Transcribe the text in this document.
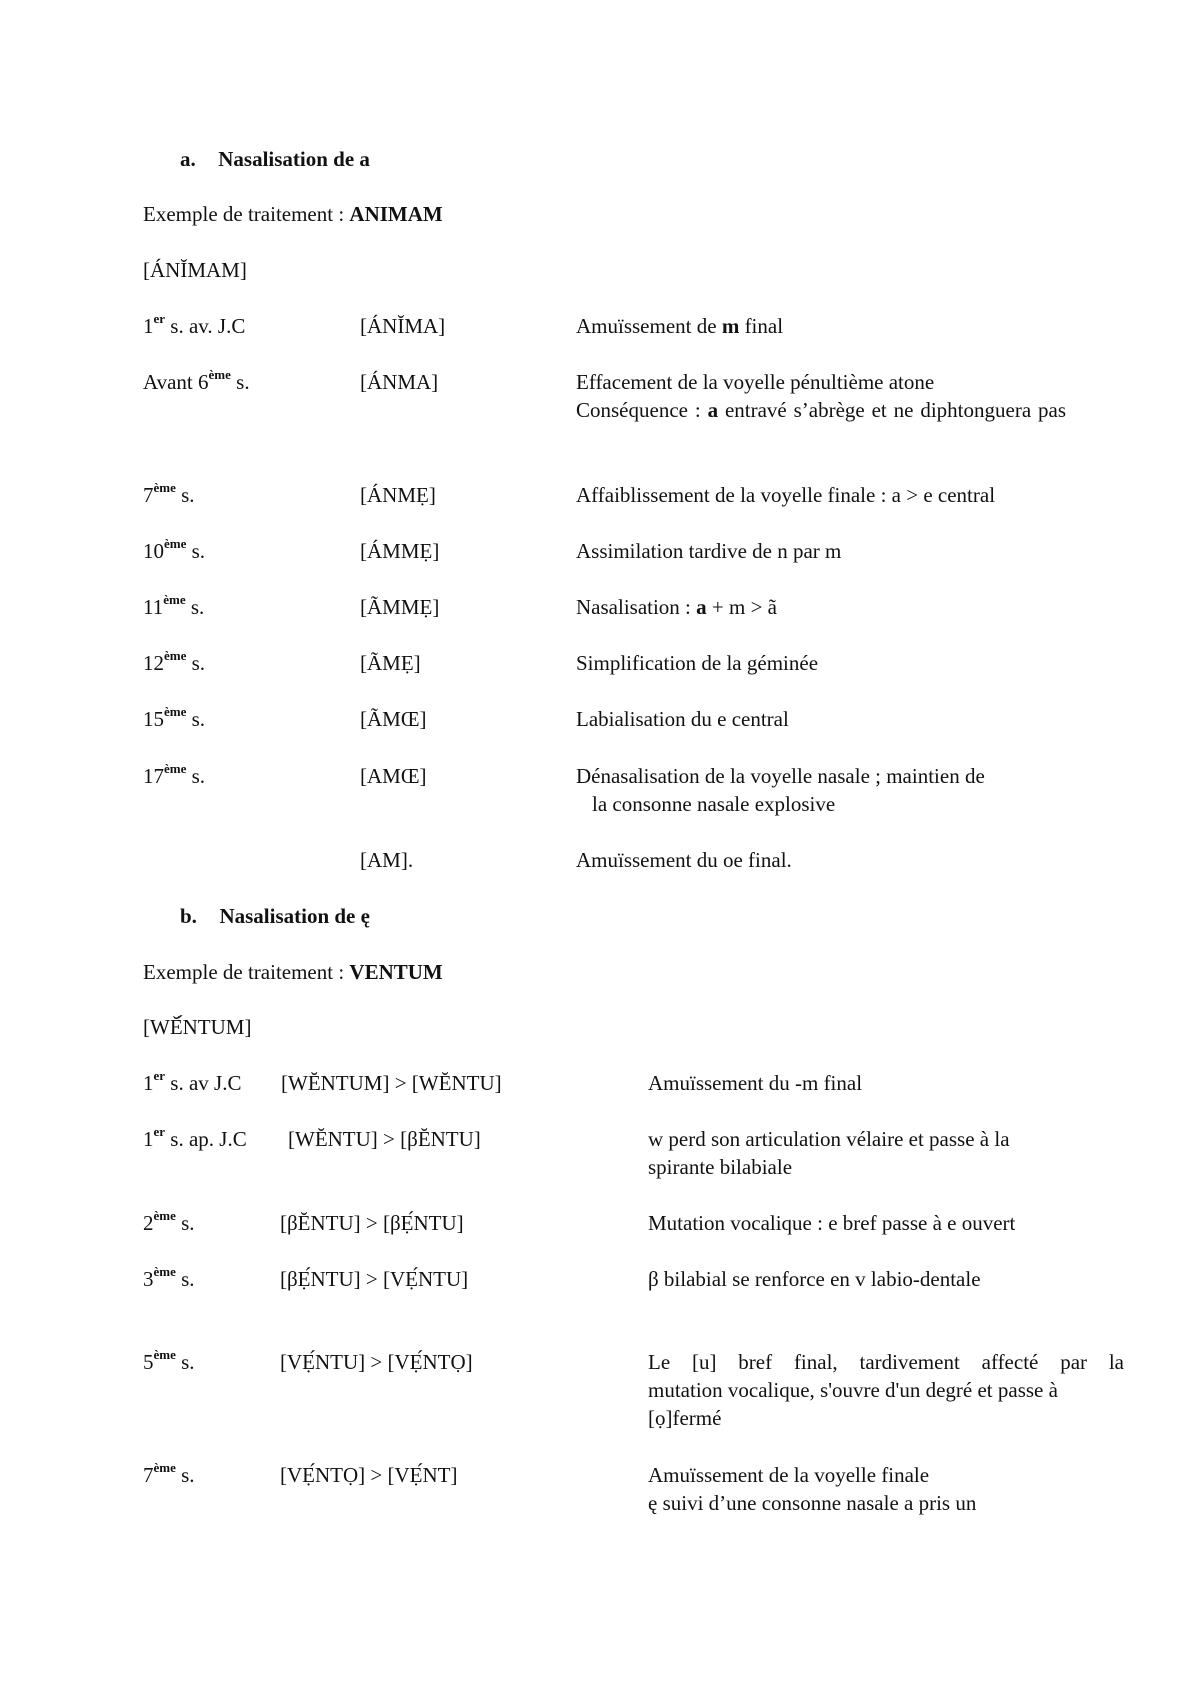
a. Nasalisation de a
Exemple de traitement : ANIMAM
[ÁNĬMAM]
1er s. av. J.C	[ÁNĬMA]	Amuïssement de m final
Avant 6ème s.	[ÁNMA]	Effacement de la voyelle pénultième atone
Conséquence : a entravé s’abrège et ne diphtonguera pas
7ème s.	[ÁNMẸ]	Affaiblissement de la voyelle finale : a > e central
10ème s.	[ÁMMẸ]	Assimilation tardive de n par m
11ème s.	[ÃMMẸ]	Nasalisation : a + m > ã
12ème s.	[ÃMẸ]	Simplification de la géminée
15ème s.	[ÃMŒ]	Labialisation du e central
17ème s.	[AMŒ]	Dénasalisation de la voyelle nasale ; maintien de
la consonne nasale explosive
[AM].	Amuïssement du oe final.
b. Nasalisation de ę
Exemple de traitement : VENTUM
[WĔ́NTUM]
1er s. av J.C [WĔNTUM] > [WĔNTU]	Amuïssement du -m final
1er s. ap. J.C [WĔNTU] > [βĔNTU]	w perd son articulation vélaire et passe à la
spirante bilabiale
2ème s.	[βĔNTU] > [βẸ́NTU]	Mutation vocalique : e bref passe à e ouvert
3ème s.	[βẸ́NTU] > [VẸ́NTU]	β bilabial se renforce en v labio-dentale
5ème s.	[VẸ́NTU] > [VẸ́NTỌ]	Le [u] bref final, tardivement affecté par la
mutation vocalique, s'ouvre d'un degré et passe à
[ọ]fermé
7ème s.	[VẸ́NTỌ] > [VẸ́NT]	Amuïssement de la voyelle finale
ę suivi d’une consonne nasale a pris un
